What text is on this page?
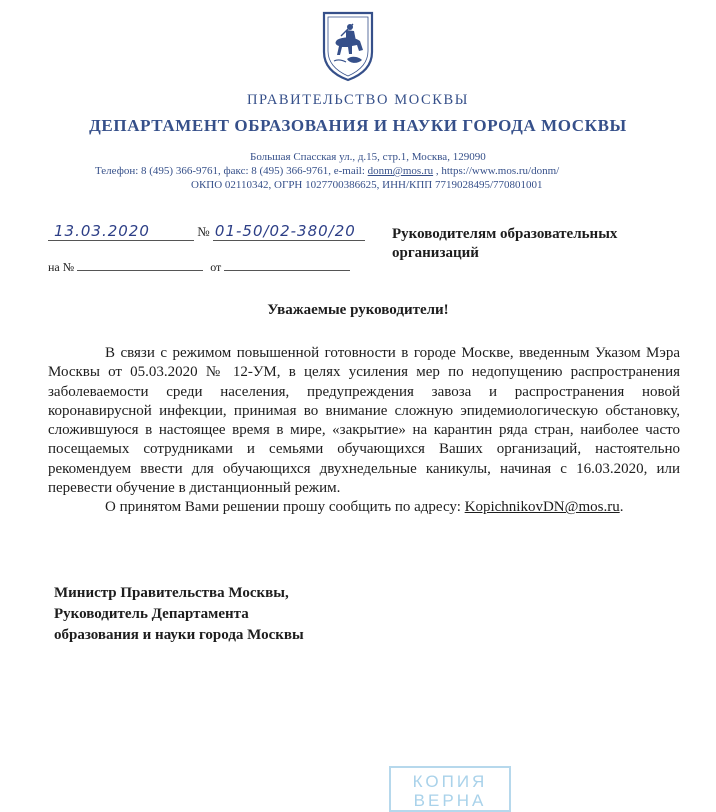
ПРАВИТЕЛЬСТВО МОСКВЫ
ДЕПАРТАМЕНТ ОБРАЗОВАНИЯ И НАУКИ ГОРОДА МОСКВЫ
Большая Спасская ул., д.15, стр.1, Москва, 129090
Телефон: 8 (495) 366-9761, факс: 8 (495) 366-9761, e-mail: donm@mos.ru , https://www.mos.ru/donm/
ОКПО 02110342, ОГРН 1027700386625, ИНН/КПП 7719028495/770801001
13.03.2020	№ 01-50/02-380/20
на №	от
Руководителям образовательных организаций
Уважаемые руководители!

В связи с режимом повышенной готовности в городе Москве, введенным Указом Мэра Москвы от 05.03.2020 № 12-УМ, в целях усиления мер по недопущению распространения заболеваемости среди населения, предупреждения завоза и распространения новой коронавирусной инфекции, принимая во внимание сложную эпидемиологическую обстановку, сложившуюся в настоящее время в мире, «закрытие» на карантин ряда стран, наиболее часто посещаемых сотрудниками и семьями обучающихся Ваших организаций, настоятельно рекомендуем ввести для обучающихся двухнедельные каникулы, начиная с 16.03.2020, или перевести обучение в дистанционный режим.

О принятом Вами решении прошу сообщить по адресу: KopichnikovDN@mos.ru.

Министр Правительства Москвы,
Руководитель Департамента
образования и науки города Москвы
КОПИЯ
ВЕРНА
